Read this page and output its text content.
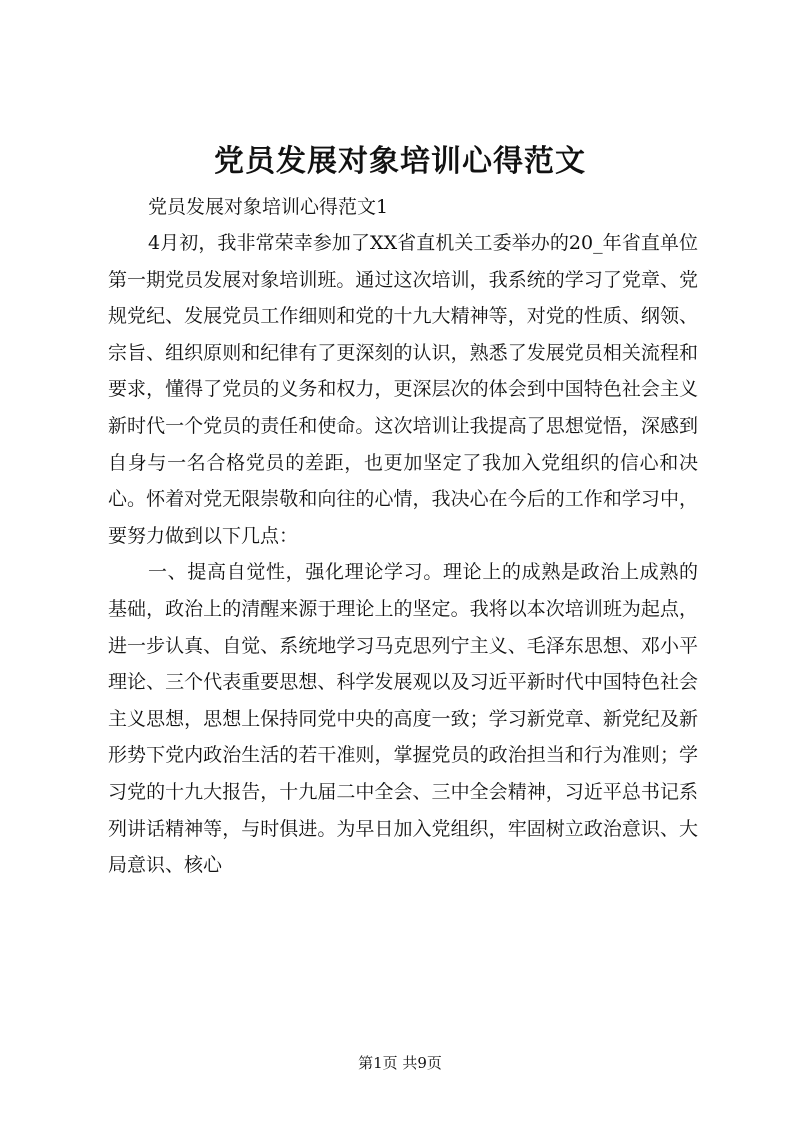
党员发展对象培训心得范文

党员发展对象培训心得范文1

4月初，我非常荣幸参加了XX省直机关工委举办的20_年省直单位第一期党员发展对象培训班。通过这次培训，我系统的学习了党章、党规党纪、发展党员工作细则和党的十九大精神等，对党的性质、纲领、宗旨、组织原则和纪律有了更深刻的认识，熟悉了发展党员相关流程和要求，懂得了党员的义务和权力，更深层次的体会到中国特色社会主义新时代一个党员的责任和使命。这次培训让我提高了思想觉悟，深感到自身与一名合格党员的差距，也更加坚定了我加入党组织的信心和决心。怀着对党无限崇敬和向往的心情，我决心在今后的工作和学习中，要努力做到以下几点：

一、提高自觉性，强化理论学习。理论上的成熟是政治上成熟的基础，政治上的清醒来源于理论上的坚定。我将以本次培训班为起点，进一步认真、自觉、系统地学习马克思列宁主义、毛泽东思想、邓小平理论、三个代表重要思想、科学发展观以及习近平新时代中国特色社会主义思想，思想上保持同党中央的高度一致；学习新党章、新党纪及新形势下党内政治生活的若干准则，掌握党员的政治担当和行为准则；学习党的十九大报告，十九届二中全会、三中全会精神，习近平总书记系列讲话精神等，与时俱进。为早日加入党组织，牢固树立政治意识、大局意识、核心

第1页 共9页
